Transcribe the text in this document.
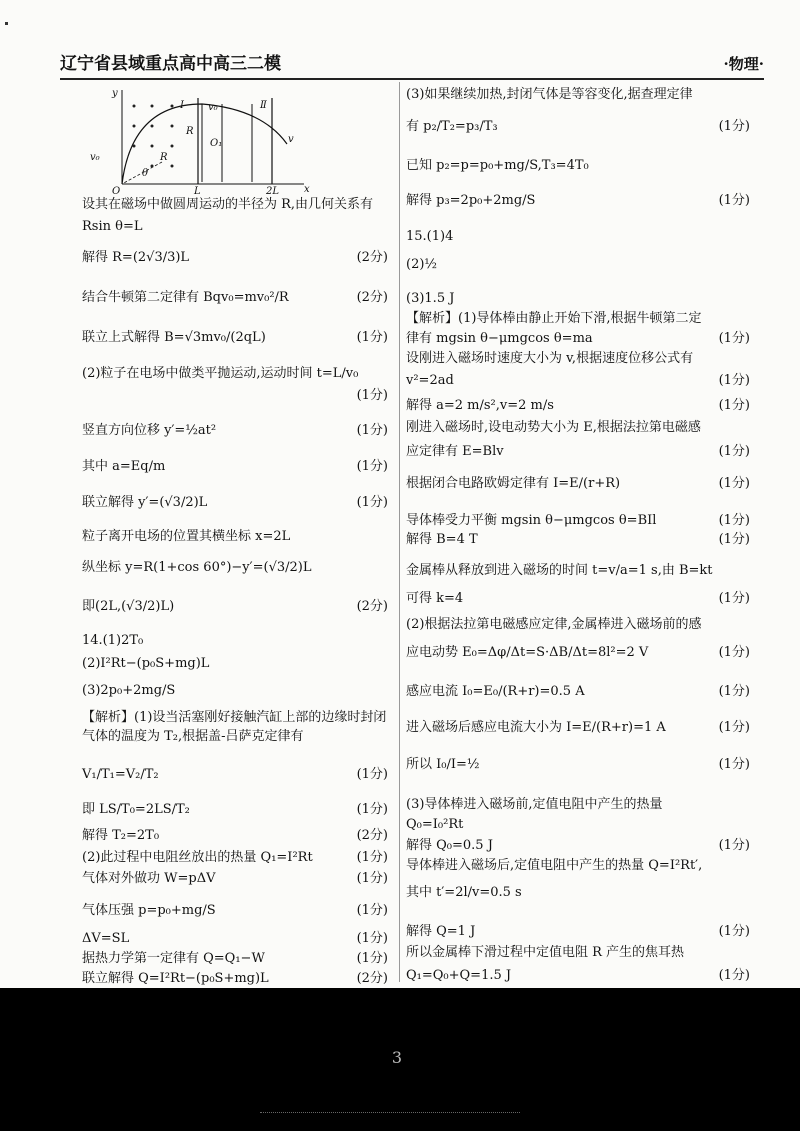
辽宁省县域重点高中高三二模	·物理·
y
Ⅰ v₀	Ⅱ
R
O₁	v
v₀	R
θ
O	L	2L x
设其在磁场中做圆周运动的半径为 R,由几何关系有
Rsin θ=L
解得 R=(2√3/3)L	(2分)
结合牛顿第二定律有 Bqv₀=mv₀²/R	(2分)
联立上式解得 B=√3mv₀/(2qL)	(1分)
(2)粒子在电场中做类平抛运动,运动时间 t=L/v₀
(1分)
竖直方向位移 y′=½at²	(1分)
其中 a=Eq/m	(1分)
联立解得 y′=(√3/2)L	(1分)
粒子离开电场的位置其横坐标 x=2L
纵坐标 y=R(1+cos 60°)−y′=(√3/2)L
即(2L,(√3/2)L)	(2分)
14.(1)2T₀
(2)I²Rt−(p₀S+mg)L
(3)2p₀+2mg/S
【解析】(1)设当活塞刚好接触汽缸上部的边缘时封闭
气体的温度为 T₂,根据盖-吕萨克定律有
V₁/T₁=V₂/T₂	(1分)
即 LS/T₀=2LS/T₂	(1分)
解得 T₂=2T₀	(2分)
(2)此过程中电阻丝放出的热量 Q₁=I²Rt	(1分)
气体对外做功 W=pΔV	(1分)
气体压强 p=p₀+mg/S	(1分)
ΔV=SL	(1分)
据热力学第一定律有 Q=Q₁−W	(1分)
联立解得 Q=I²Rt−(p₀S+mg)L	(2分)
(3)如果继续加热,封闭气体是等容变化,据查理定律
有 p₂/T₂=p₃/T₃	(1分)
已知 p₂=p=p₀+mg/S,T₃=4T₀
解得 p₃=2p₀+2mg/S	(1分)
15.(1)4
(2)½
(3)1.5 J
【解析】(1)导体棒由静止开始下滑,根据牛顿第二定
律有 mgsin θ−μmgcos θ=ma	(1分)
设刚进入磁场时速度大小为 v,根据速度位移公式有
v²=2ad	(1分)
解得 a=2 m/s²,v=2 m/s	(1分)
刚进入磁场时,设电动势大小为 E,根据法拉第电磁感
应定律有 E=Blv	(1分)
根据闭合电路欧姆定律有 I=E/(r+R)	(1分)
导体棒受力平衡 mgsin θ−μmgcos θ=BIl	(1分)
解得 B=4 T	(1分)
金属棒从释放到进入磁场的时间 t=v/a=1 s,由 B=kt
可得 k=4	(1分)
(2)根据法拉第电磁感应定律,金属棒进入磁场前的感
应电动势 E₀=Δφ/Δt=S·ΔB/Δt=8l²=2 V	(1分)
感应电流 I₀=E₀/(R+r)=0.5 A	(1分)
进入磁场后感应电流大小为 I=E/(R+r)=1 A	(1分)
所以 I₀/I=½	(1分)
(3)导体棒进入磁场前,定值电阻中产生的热量
Q₀=I₀²Rt
解得 Q₀=0.5 J	(1分)
导体棒进入磁场后,定值电阻中产生的热量 Q=I²Rt′,
其中 t′=2l/v=0.5 s
解得 Q=1 J	(1分)
所以金属棒下滑过程中定值电阻 R 产生的焦耳热
Q₁=Q₀+Q=1.5 J	(1分)
3
